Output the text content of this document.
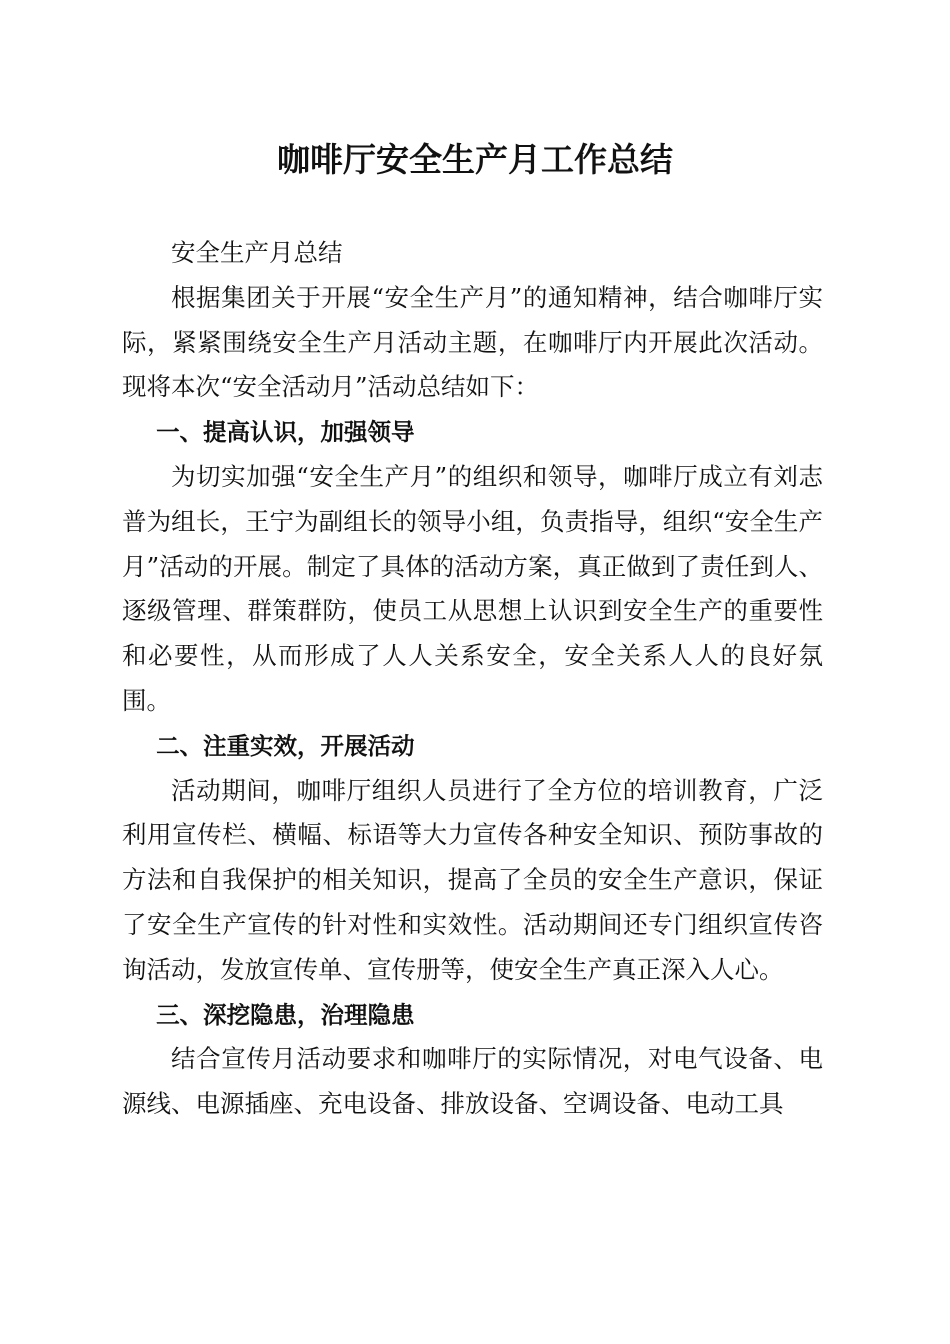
咖啡厅安全生产月工作总结

安全生产月总结

根据集团关于开展“安全生产月”的通知精神，结合咖啡厅实际，紧紧围绕安全生产月活动主题，在咖啡厅内开展此次活动。现将本次“安全活动月”活动总结如下：

一、提高认识，加强领导

为切实加强“安全生产月”的组织和领导，咖啡厅成立有刘志普为组长，王宁为副组长的领导小组，负责指导，组织“安全生产月”活动的开展。制定了具体的活动方案，真正做到了责任到人、逐级管理、群策群防，使员工从思想上认识到安全生产的重要性和必要性，从而形成了人人关系安全，安全关系人人的良好氛围。

二、注重实效，开展活动

活动期间，咖啡厅组织人员进行了全方位的培训教育，广泛利用宣传栏、横幅、标语等大力宣传各种安全知识、预防事故的方法和自我保护的相关知识，提高了全员的安全生产意识，保证了安全生产宣传的针对性和实效性。活动期间还专门组织宣传咨询活动，发放宣传单、宣传册等，使安全生产真正深入人心。

三、深挖隐患，治理隐患

结合宣传月活动要求和咖啡厅的实际情况，对电气设备、电源线、电源插座、充电设备、排放设备、空调设备、电动工具
